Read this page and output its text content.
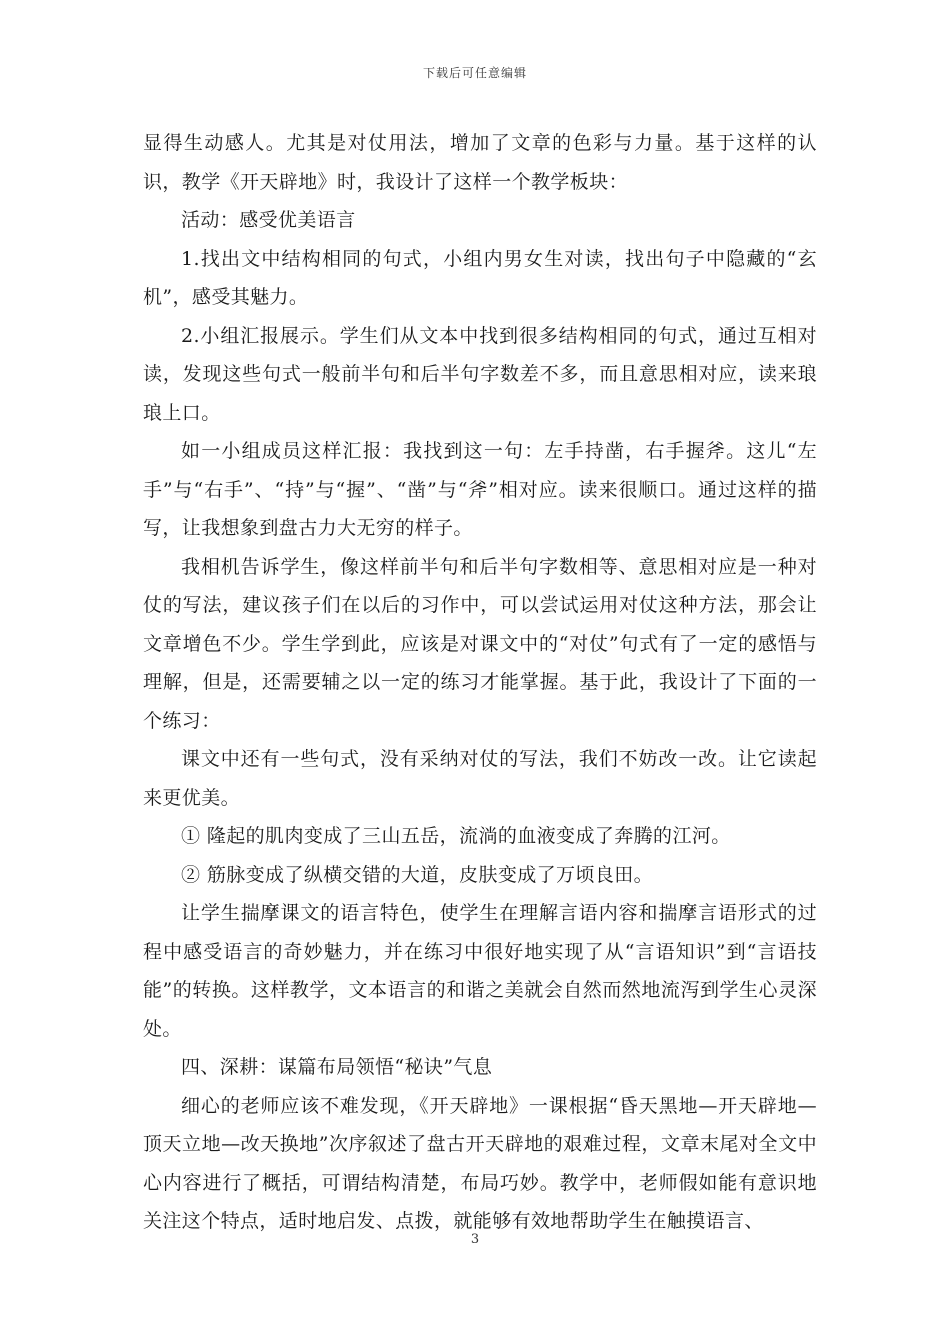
下载后可任意编辑

显得生动感人。尤其是对仗用法，增加了文章的色彩与力量。基于这样的认识，教学《开天辟地》时，我设计了这样一个教学板块：

活动：感受优美语言

1.找出文中结构相同的句式，小组内男女生对读，找出句子中隐藏的“玄机”，感受其魅力。

2.小组汇报展示。学生们从文本中找到很多结构相同的句式，通过互相对读，发现这些句式一般前半句和后半句字数差不多，而且意思相对应，读来琅琅上口。

如一小组成员这样汇报：我找到这一句：左手持凿，右手握斧。这儿“左手”与“右手”、“持”与“握”、“凿”与“斧”相对应。读来很顺口。通过这样的描写，让我想象到盘古力大无穷的样子。

我相机告诉学生，像这样前半句和后半句字数相等、意思相对应是一种对仗的写法，建议孩子们在以后的习作中，可以尝试运用对仗这种方法，那会让文章增色不少。学生学到此，应该是对课文中的“对仗”句式有了一定的感悟与理解，但是，还需要辅之以一定的练习才能掌握。基于此，我设计了下面的一个练习：

课文中还有一些句式，没有采纳对仗的写法，我们不妨改一改。让它读起来更优美。

① 隆起的肌肉变成了三山五岳，流淌的血液变成了奔腾的江河。

② 筋脉变成了纵横交错的大道，皮肤变成了万顷良田。

让学生揣摩课文的语言特色，使学生在理解言语内容和揣摩言语形式的过程中感受语言的奇妙魅力，并在练习中很好地实现了从“言语知识”到“言语技能”的转换。这样教学，文本语言的和谐之美就会自然而然地流泻到学生心灵深处。

四、深耕：谋篇布局领悟“秘诀”气息

细心的老师应该不难发现，《开天辟地》一课根据“昏天黑地—开天辟地—顶天立地—改天换地”次序叙述了盘古开天辟地的艰难过程，文章末尾对全文中心内容进行了概括，可谓结构清楚，布局巧妙。教学中，老师假如能有意识地关注这个特点，适时地启发、点拨，就能够有效地帮助学生在触摸语言、

3
